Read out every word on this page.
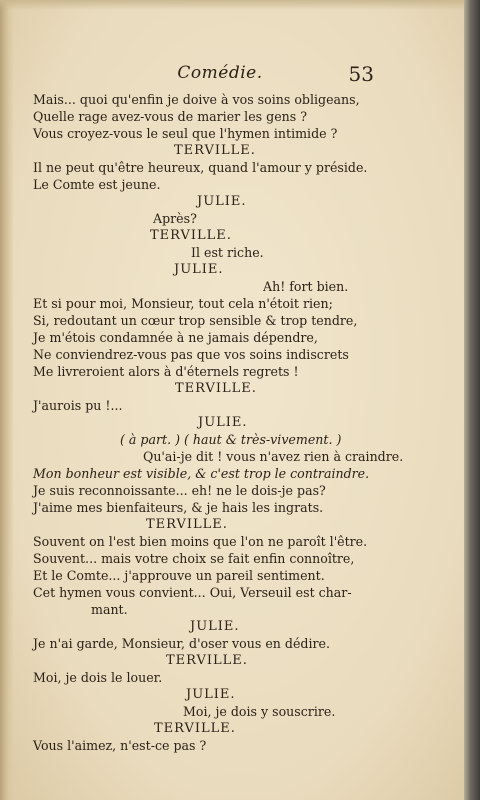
Comédie.	53
Mais... quoi qu'enfin je doive à vos soins obligeans,
Quelle rage avez-vous de marier les gens ?
Vous croyez-vous le seul que l'hymen intimide ?
TERVILLE.
Il ne peut qu'être heureux, quand l'amour y préside.
Le Comte est jeune.
JULIE.
Après?
TERVILLE.
Il est riche.
JULIE.
Ah! fort bien.
Et si pour moi, Monsieur, tout cela n'étoit rien;
Si, redoutant un cœur trop sensible & trop tendre,
Je m'étois condamnée à ne jamais dépendre,
Ne conviendrez-vous pas que vos soins indiscrets
Me livreroient alors à d'éternels regrets !
TERVILLE.
J'aurois pu !...
JULIE.
( à part. ) ( haut & très-vivement. )
Qu'ai-je dit ! vous n'avez rien à craindre.
Mon bonheur est visible, & c'est trop le contraindre.
Je suis reconnoissante... eh! ne le dois-je pas?
J'aime mes bienfaiteurs, & je hais les ingrats.
TERVILLE.
Souvent on l'est bien moins que l'on ne paroît l'être.
Souvent... mais votre choix se fait enfin connoître,
Et le Comte... j'approuve un pareil sentiment.
Cet hymen vous convient... Oui, Verseuil est char-
mant.
JULIE.
Je n'ai garde, Monsieur, d'oser vous en dédire.
TERVILLE.
Moi, je dois le louer.
JULIE.
Moi, je dois y souscrire.
TERVILLE.
Vous l'aimez, n'est-ce pas ?
